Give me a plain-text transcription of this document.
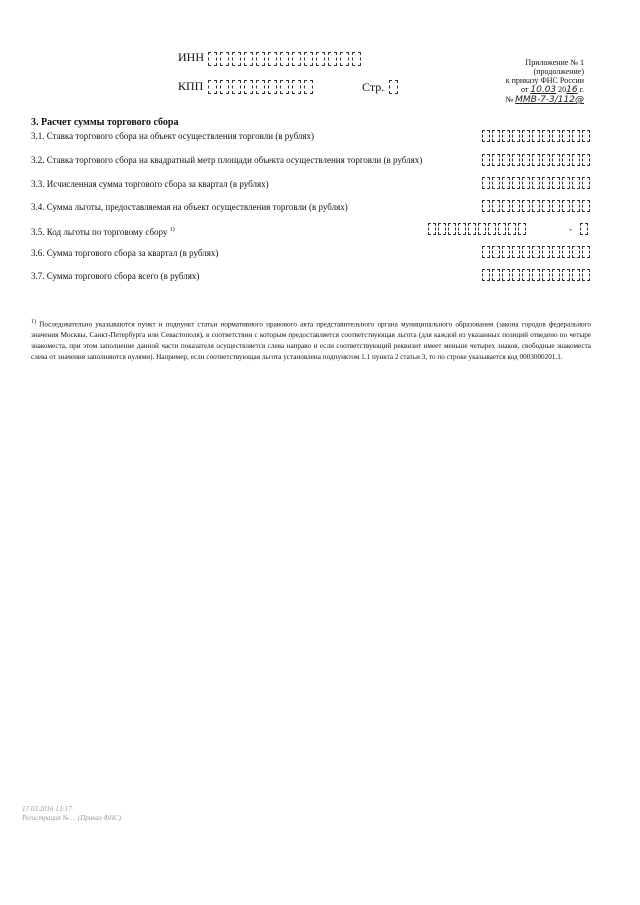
ИНН
КПП	Стр.
Приложение № 1
(продолжение)
к приказу ФНС России
от 10.03 2016 г.
№ ММВ-7-3/112@
3. Расчет суммы торгового сбора
3.1. Ставка торгового сбора на объект осуществления торговли (в рублях)
3.2. Ставка торгового сбора на квадратный метр площади объекта осуществления торговли (в рублях)
3.3. Исчисленная сумма торгового сбора за квартал (в рублях)
3.4. Сумма льготы, предоставляемая на объект осуществления торговли (в рублях)
3.5. Код льготы по торговому сбору $^{1)}$	-
3.6. Сумма торгового сбора за квартал (в рублях)
3.7. Сумма торгового сбора всего (в рублях)
$^{1)}$ Последовательно указываются пункт и подпункт статьи нормативного правового акта представительного органа муниципального образования (закона городов федерального значения Москвы, Санкт-Петербурга или Севастополя), в соответствии с которым предоставляется соответствующая льгота (для каждой из указанных позиций отведено по четыре знакоместа, при этом заполнение данной части показателя осуществляется слева направо и если соответствующий реквизит имеет меньше четырех знаков, свободные знакоместа слева от значения заполняются нулями). Например, если соответствующая льгота установлена подпунктом 1.1 пункта 2 статьи 3, то по строке указывается код 0003000201.1.
17.03.2016 13:17
Регистрация № ... (Приказ ФНС)
